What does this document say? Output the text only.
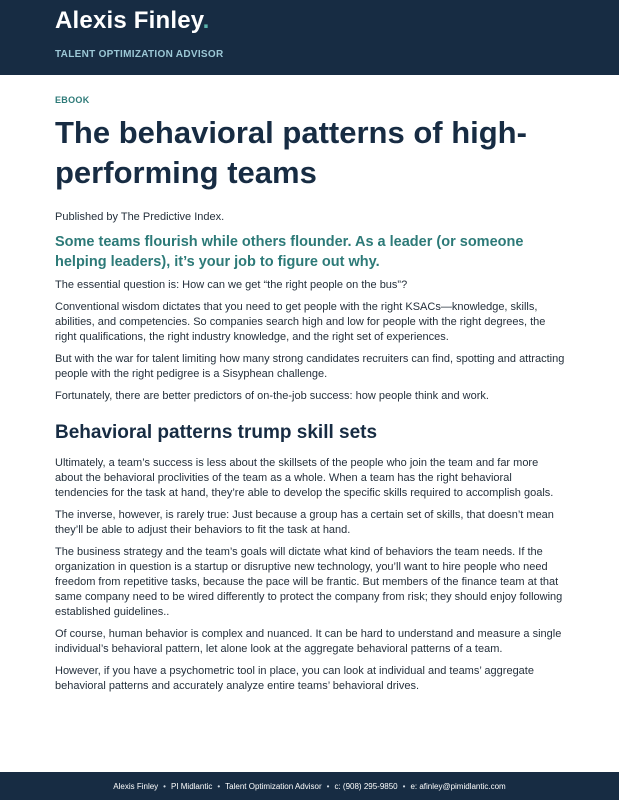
Alexis Finley.
TALENT OPTIMIZATION ADVISOR
EBOOK
The behavioral patterns of high-performing teams

Published by The Predictive Index.

Some teams flourish while others flounder. As a leader (or someone helping leaders), it’s your job to figure out why.

The essential question is: How can we get “the right people on the bus”?

Conventional wisdom dictates that you need to get people with the right KSACs—knowledge, skills, abilities, and competencies. So companies search high and low for people with the right degrees, the right qualifications, the right industry knowledge, and the right set of experiences.

But with the war for talent limiting how many strong candidates recruiters can find, spotting and attracting people with the right pedigree is a Sisyphean challenge.

Fortunately, there are better predictors of on-the-job success: how people think and work.

Behavioral patterns trump skill sets

Ultimately, a team’s success is less about the skillsets of the people who join the team and far more about the behavioral proclivities of the team as a whole. When a team has the right behavioral tendencies for the task at hand, they’re able to develop the specific skills required to accomplish goals.

The inverse, however, is rarely true: Just because a group has a certain set of skills, that doesn’t mean they’ll be able to adjust their behaviors to fit the task at hand.

The business strategy and the team’s goals will dictate what kind of behaviors the team needs. If the organization in question is a startup or disruptive new technology, you’ll want to hire people who need freedom from repetitive tasks, because the pace will be frantic. But members of the finance team at that same company need to be wired differently to protect the company from risk; they should enjoy following established guidelines..

Of course, human behavior is complex and nuanced. It can be hard to understand and measure a single individual’s behavioral pattern, let alone look at the aggregate behavioral patterns of a team.

However, if you have a psychometric tool in place, you can look at individual and teams’ aggregate behavioral patterns and accurately analyze entire teams’ behavioral drives.

Alexis Finley • PI Midlantic • Talent Optimization Advisor • c: (908) 295-9850 • e: afinley@pimidlantic.com
